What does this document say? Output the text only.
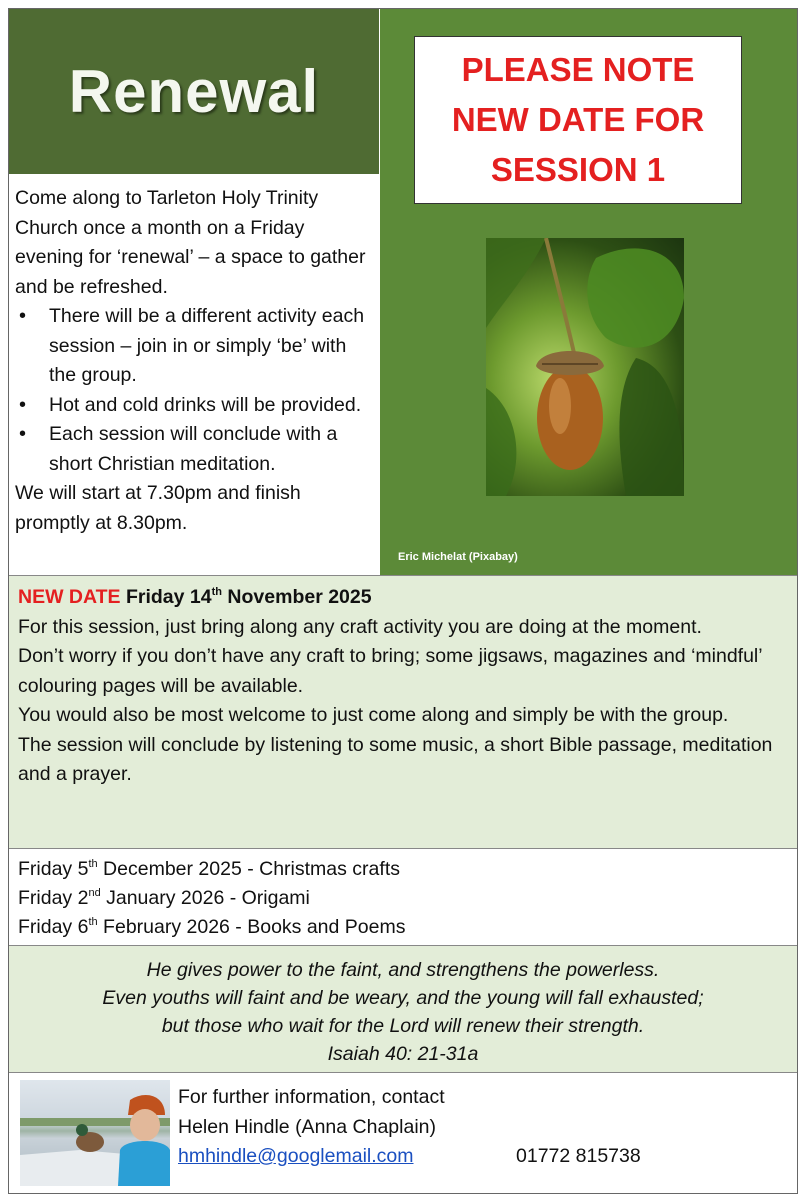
Renewal	PLEASE NOTE
NEW DATE FOR
SESSION 1
Eric Michelat (Pixabay)

Come along to Tarleton Holy Trinity Church once a month on a Friday evening for ‘renewal’ – a space to gather and be refreshed.

• There will be a different activity each session – join in or simply ‘be’ with the group.
• Hot and cold drinks will be provided.
• Each session will conclude with a short Christian meditation.

We will start at 7.30pm and finish promptly at 8.30pm.

NEW DATE Friday 14th November 2025

For this session, just bring along any craft activity you are doing at the moment.

Don’t worry if you don’t have any craft to bring; some jigsaws, magazines and ‘mindful’ colouring pages will be available.

You would also be most welcome to just come along and simply be with the group.

The session will conclude by listening to some music, a short Bible passage, meditation and a prayer.

Friday 5th December 2025 - Christmas crafts
Friday 2nd January 2026 - Origami
Friday 6th February 2026 - Books and Poems
He gives power to the faint, and strengthens the powerless.
Even youths will faint and be weary, and the young will fall exhausted;
but those who wait for the Lord will renew their strength.
Isaiah 40: 21-31a
For further information, contact
Helen Hindle (Anna Chaplain)
hmhindle@googlemail.com	01772 815738
